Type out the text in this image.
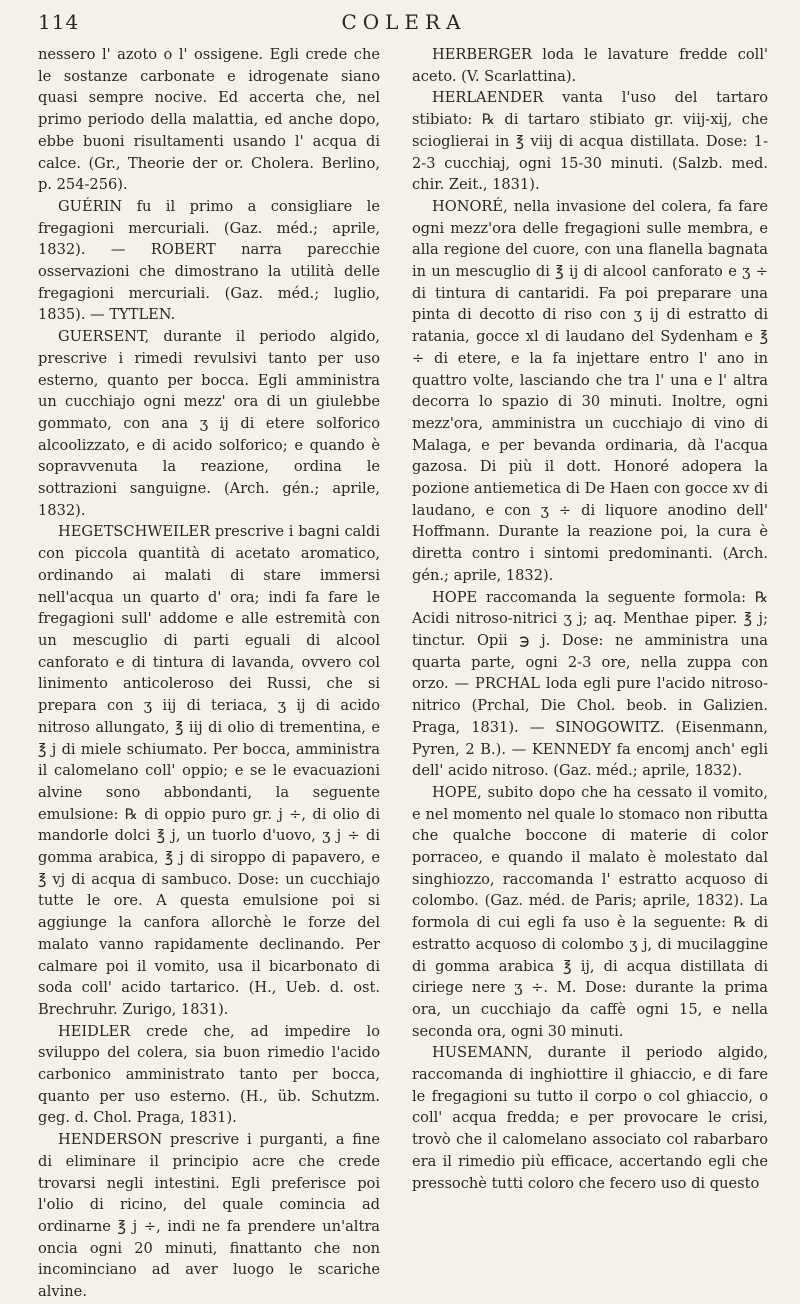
114	COLERA

nessero l' azoto o l' ossigene. Egli crede che le sostanze carbonate e idrogenate siano quasi sempre nocive. Ed accerta che, nel primo periodo della malattia, ed anche dopo, ebbe buoni risultamenti usando l' acqua di calce. (Gr., Theorie der or. Cholera. Berlino, p. 254-256).

GUÉRIN fu il primo a consigliare le fregagioni mercuriali. (Gaz. méd.; aprile, 1832). — ROBERT narra parecchie osservazioni che dimostrano la utilità delle fregagioni mercuriali. (Gaz. méd.; luglio, 1835). — TYTLEN.

GUERSENT, durante il periodo algido, prescrive i rimedi revulsivi tanto per uso esterno, quanto per bocca. Egli amministra un cucchiajo ogni mezz' ora di un giulebbe gommato, con ana ʒ ij di etere solforico alcoolizzato, e di acido solforico; e quando è sopravvenuta la reazione, ordina le sottrazioni sanguigne. (Arch. gén.; aprile, 1832).

HEGETSCHWEILER prescrive i bagni caldi con piccola quantità di acetato aromatico, ordinando ai malati di stare immersi nell'acqua un quarto d' ora; indi fa fare le fregagioni sull' addome e alle estremità con un mescuglio di parti eguali di alcool canforato e di tintura di lavanda, ovvero col linimento anticoleroso dei Russi, che si prepara con ʒ iij di teriaca, ʒ ij di acido nitroso allungato, ℥ iij di olio di trementina, e ℥ j di miele schiumato. Per bocca, amministra il calomelano coll' oppio; e se le evacuazioni alvine sono abbondanti, la seguente emulsione: ℞ di oppio puro gr. j ÷, di olio di mandorle dolci ℥ j, un tuorlo d'uovo, ʒ j ÷ di gomma arabica, ℥ j di siroppo di papavero, e ℥ vj di acqua di sambuco. Dose: un cucchiajo tutte le ore. A questa emulsione poi si aggiunge la canfora allorchè le forze del malato vanno rapidamente declinando. Per calmare poi il vomito, usa il bicarbonato di soda coll' acido tartarico. (H., Ueb. d. ost. Brechruhr. Zurigo, 1831).

HEIDLER crede che, ad impedire lo sviluppo del colera, sia buon rimedio l'acido carbonico amministrato tanto per bocca, quanto per uso esterno. (H., üb. Schutzm. geg. d. Chol. Praga, 1831).

HENDERSON prescrive i purganti, a fine di eliminare il principio acre che crede trovarsi negli intestini. Egli preferisce poi l'olio di ricino, del quale comincia ad ordinarne ℥ j ÷, indi ne fa prendere un'altra oncia ogni 20 minuti, finattanto che non incominciano ad aver luogo le scariche alvine.

HERBERGER loda le lavature fredde coll' aceto. (V. Scarlattina).

HERLAENDER vanta l'uso del tartaro stibiato: ℞ di tartaro stibiato gr. viij-xij, che scioglierai in ℥ viij di acqua distillata. Dose: 1-2-3 cucchiaj, ogni 15-30 minuti. (Salzb. med. chir. Zeit., 1831).

HONORÉ, nella invasione del colera, fa fare ogni mezz'ora delle fregagioni sulle membra, e alla regione del cuore, con una flanella bagnata in un mescuglio di ℥ ij di alcool canforato e ʒ ÷ di tintura di cantaridi. Fa poi preparare una pinta di decotto di riso con ʒ ij di estratto di ratania, gocce xl di laudano del Sydenham e ℥ ÷ di etere, e la fa injettare entro l' ano in quattro volte, lasciando che tra l' una e l' altra decorra lo spazio di 30 minuti. Inoltre, ogni mezz'ora, amministra un cucchiajo di vino di Malaga, e per bevanda ordinaria, dà l'acqua gazosa. Di più il dott. Honoré adopera la pozione antiemetica di De Haen con gocce xv di laudano, e con ʒ ÷ di liquore anodino dell' Hoffmann. Durante la reazione poi, la cura è diretta contro i sintomi predominanti. (Arch. gén.; aprile, 1832).

HOPE raccomanda la seguente formola: ℞ Acidi nitroso-nitrici ʒ j; aq. Menthae piper. ℥ j; tinctur. Opii ℈ j. Dose: ne amministra una quarta parte, ogni 2-3 ore, nella zuppa con orzo. — PRCHAL loda egli pure l'acido nitroso-nitrico (Prchal, Die Chol. beob. in Galizien. Praga, 1831). — SINOGOWITZ. (Eisenmann, Pyren, 2 B.). — KENNEDY fa encomj anch' egli dell' acido nitroso. (Gaz. méd.; aprile, 1832).

HOPE, subito dopo che ha cessato il vomito, e nel momento nel quale lo stomaco non ributta che qualche boccone di materie di color porraceo, e quando il malato è molestato dal singhiozzo, raccomanda l' estratto acquoso di colombo. (Gaz. méd. de Paris; aprile, 1832). La formola di cui egli fa uso è la seguente: ℞ di estratto acquoso di colombo ʒ j, di mucilaggine di gomma arabica ℥ ij, di acqua distillata di ciriege nere ʒ ÷. M. Dose: durante la prima ora, un cucchiajo da caffè ogni 15, e nella seconda ora, ogni 30 minuti.

HUSEMANN, durante il periodo algido, raccomanda di inghiottire il ghiaccio, e di fare le fregagioni su tutto il corpo o col ghiaccio, o coll' acqua fredda; e per provocare le crisi, trovò che il calomelano associato col rabarbaro era il rimedio più efficace, accertando egli che pressochè tutti coloro che fecero uso di questo
